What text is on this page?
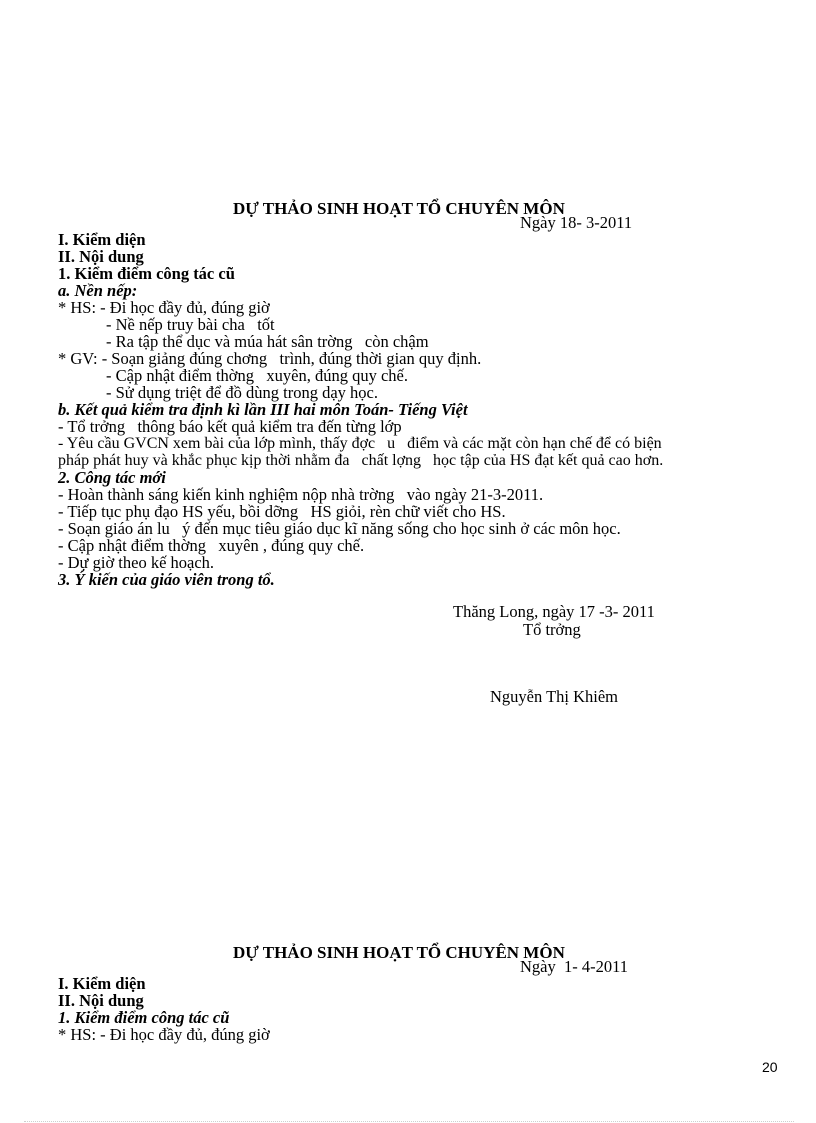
DỰ THẢO SINH HOẠT TỔ CHUYÊN MÔN
Ngày 18- 3-2011
I. Kiểm diện
II. Nội dung
1. Kiểm điểm công tác cũ
a. Nền nếp:
* HS: - Đi học đầy đủ, đúng giờ
- Nề nếp truy bài cha   tốt
- Ra tập thể dục và múa hát sân trờng   còn chậm
* GV: - Soạn giảng đúng chơng   trình, đúng thời gian quy định.
- Cập nhật điểm thờng   xuyên, đúng quy chế.
- Sử dụng triệt để đồ dùng trong dạy học.
b. Kết quả kiểm tra định kì lần III hai môn Toán- Tiếng Việt
- Tổ trởng   thông báo kết quả kiểm tra đến từng lớp
- Yêu cầu GVCN xem bài của lớp mình, thấy đợc   u   điểm và các mặt còn hạn chế để có biện
pháp phát huy và khắc phục kịp thời nhằm đa   chất lợng   học tập của HS đạt kết quả cao hơn.
2. Công tác mới
- Hoàn thành sáng kiến kinh nghiệm nộp nhà trờng   vào ngày 21-3-2011.
- Tiếp tục phụ đạo HS yếu, bồi dỡng   HS giỏi, rèn chữ viết cho HS.
- Soạn giáo án lu   ý đến mục tiêu giáo dục kĩ năng sống cho học sinh ở các môn học.
- Cập nhật điểm thờng   xuyên , đúng quy chế.
- Dự giờ theo kế hoạch.
3. Ý kiến của giáo viên trong tổ.
Thăng Long, ngày 17 -3- 2011
Tổ trởng
Nguyễn Thị Khiêm
DỰ THẢO SINH HOẠT TỔ CHUYÊN MÔN
Ngày  1- 4-2011
I. Kiểm diện
II. Nội dung
1. Kiểm điểm công tác cũ
* HS: - Đi học đầy đủ, đúng giờ
20
